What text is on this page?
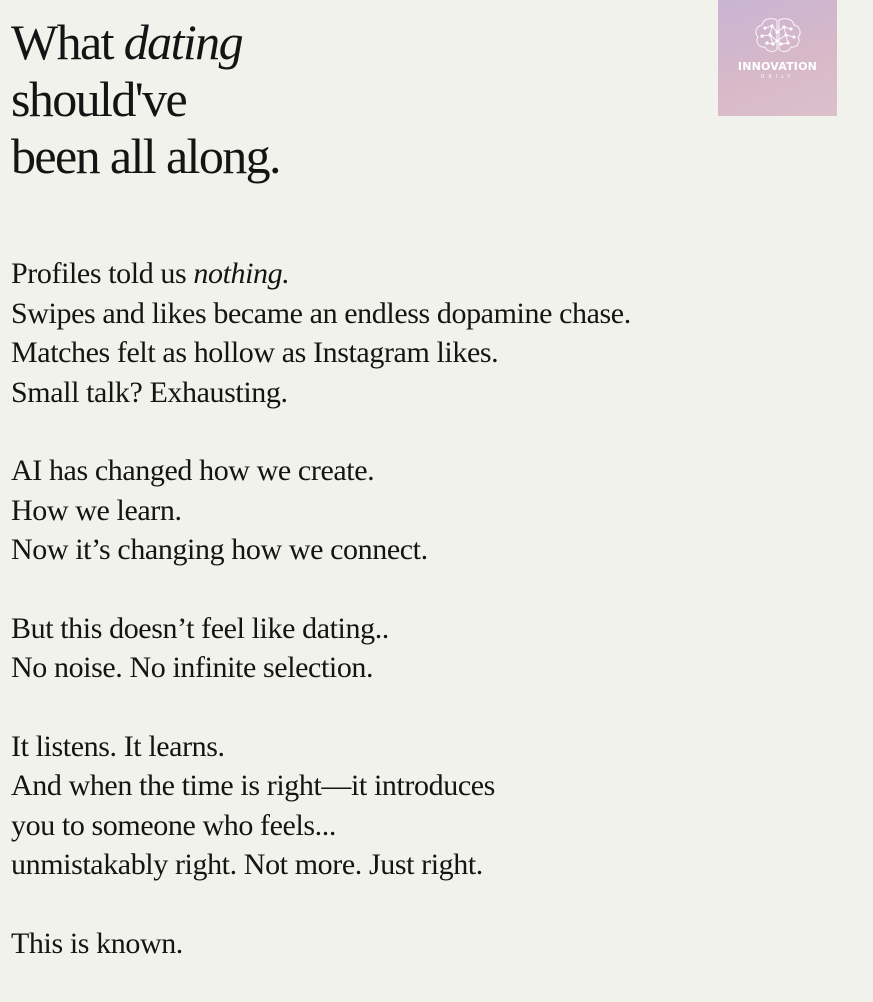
What dating
should've
been all along.
INNOVATION
DAILY

Profiles told us nothing.
Swipes and likes became an endless dopamine chase.
Matches felt as hollow as Instagram likes.
Small talk? Exhausting.

AI has changed how we create.
How we learn.
Now it’s changing how we connect.

But this doesn’t feel like dating..
No noise. No infinite selection.

It listens. It learns.
And when the time is right—it introduces
you to someone who feels...
unmistakably right. Not more. Just right.

This is known.
